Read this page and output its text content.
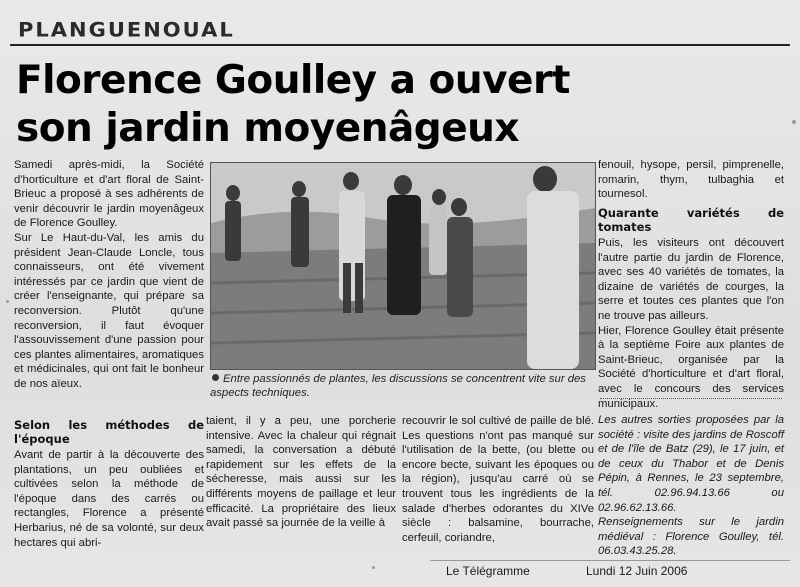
PLANGUENOUAL
Florence Goulley a ouvert
son jardin moyenâgeux

Samedi après-midi, la Société d'horticulture et d'art floral de Saint-Brieuc a proposé à ses adhérents de venir découvrir le jardin moyenâgeux de Florence Goulley.

Sur Le Haut-du-Val, les amis du président Jean-Claude Loncle, tous connaisseurs, ont été vivement intéressés par ce jardin que vient de créer l'enseignante, qui prépare sa reconversion. Plutôt qu'une reconversion, il faut évoquer l'assouvissement d'une passion pour ces plantes alimentaires, aromatiques et médicinales, qui ont fait le bonheur de nos aïeux.

Selon les méthodes de l'époque

Avant de partir à la découverte des plantations, un peu oubliées et cultivées selon la méthode de l'époque dans des carrés ou rectangles, Florence a présenté Herbarius, né de sa volonté, sur deux hectares qui abri-

Entre passionnés de plantes, les discussions se concentrent vite sur des aspects techniques.

taient, il y a peu, une porcherie intensive. Avec la chaleur qui régnait samedi, la conversation a débuté rapidement sur les effets de la sécheresse, mais aussi sur les différents moyens de paillage et leur efficacité. La propriétaire des lieux avait passé sa journée de la veille à

recouvrir le sol cultivé de paille de blé. Les questions n'ont pas manqué sur l'utilisation de la bette, (ou blette ou encore becte, suivant les époques ou la région), jusqu'au carré où se trouvent tous les ingrédients de la salade d'herbes odorantes du XIVe siècle : balsamine, bourrache, cerfeuil, coriandre,

fenouil, hysope, persil, pimprenelle, romarin, thym, tulbaghia et tournesol.

Quarante variétés de tomates

Puis, les visiteurs ont découvert l'autre partie du jardin de Florence, avec ses 40 variétés de tomates, la dizaine de variétés de courges, la serre et toutes ces plantes que l'on ne trouve pas ailleurs.

Hier, Florence Goulley était présente à la septième Foire aux plantes de Saint-Brieuc, organisée par la Société d'horticulture et d'art floral, avec le concours des services municipaux.

Les autres sorties proposées par la société : visite des jardins de Roscoff et de l'île de Batz (29), le 17 juin, et de ceux du Thabor et de Denis Pépin, à Rennes, le 23 septembre, tél. 02.96.94.13.66 ou 02.96.62.13.66.

Renseignements sur le jardin médiéval : Florence Goulley, tél. 06.03.43.25.28.

Le Télégramme	Lundi 12 Juin 2006
